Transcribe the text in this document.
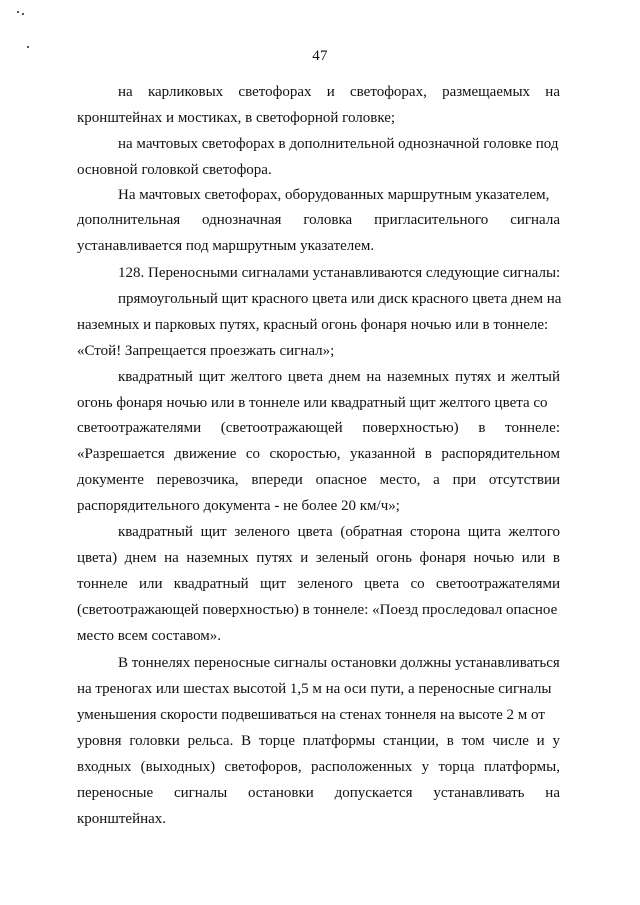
47
на карликовых светофорах и светофорах, размещаемых на
кронштейнах и мостиках, в светофорной головке;
на мачтовых светофорах в дополнительной однозначной головке под
основной головкой светофора.
На мачтовых светофорах, оборудованных маршрутным указателем,
дополнительная однозначная головка пригласительного сигнала
устанавливается под маршрутным указателем.
128. Переносными сигналами устанавливаются следующие сигналы:
прямоугольный щит красного цвета или диск красного цвета днем на
наземных и парковых путях, красный огонь фонаря ночью или в тоннеле:
«Стой! Запрещается проезжать сигнал»;
квадратный щит желтого цвета днем на наземных путях и желтый
огонь фонаря ночью или в тоннеле или квадратный щит желтого цвета со
светоотражателями (светоотражающей поверхностью) в тоннеле:
«Разрешается движение со скоростью, указанной в распорядительном
документе перевозчика, впереди опасное место, а при отсутствии
распорядительного документа - не более 20 км/ч»;
квадратный щит зеленого цвета (обратная сторона щита желтого
цвета) днем на наземных путях и зеленый огонь фонаря ночью или в
тоннеле или квадратный щит зеленого цвета со светоотражателями
(светоотражающей поверхностью) в тоннеле: «Поезд проследовал опасное
место всем составом».
В тоннелях переносные сигналы остановки должны устанавливаться
на треногах или шестах высотой 1,5 м на оси пути, а переносные сигналы
уменьшения скорости подвешиваться на стенах тоннеля на высоте 2 м от
уровня головки рельса. В торце платформы станции, в том числе и у
входных (выходных) светофоров, расположенных у торца платформы,
переносные сигналы остановки допускается устанавливать на
кронштейнах.
